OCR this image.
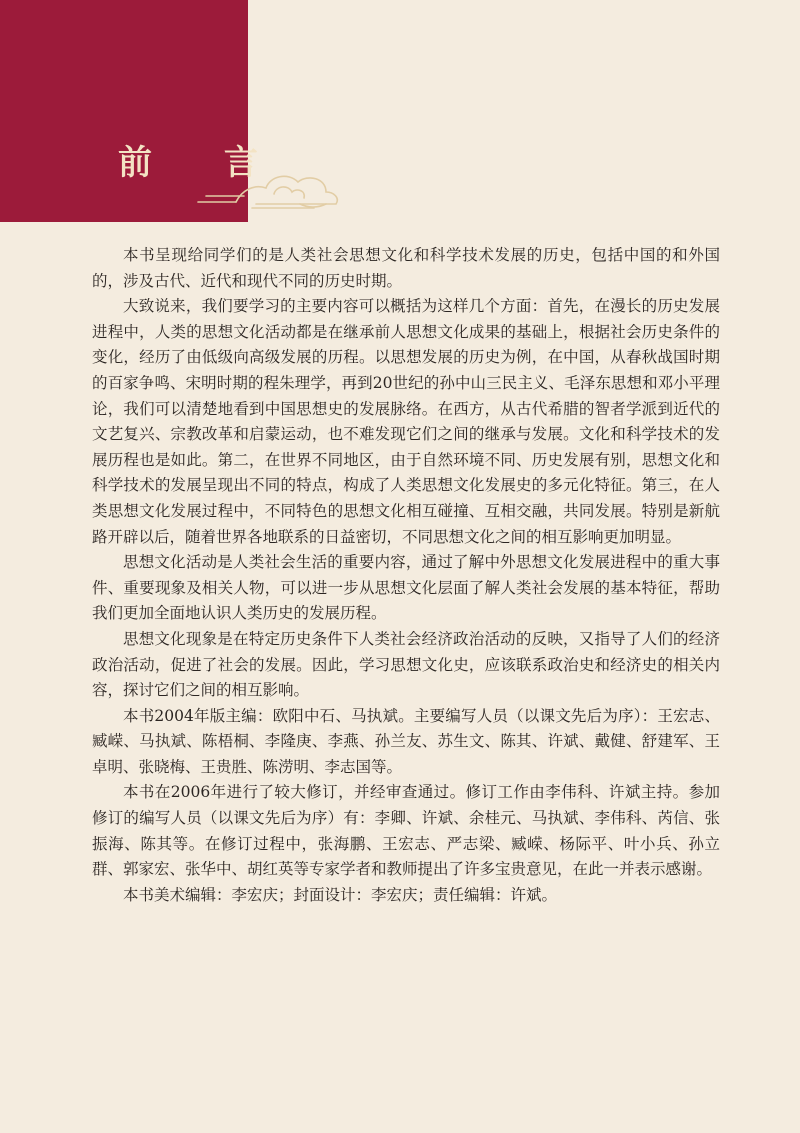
前 言

本书呈现给同学们的是人类社会思想文化和科学技术发展的历史，包括中国的和外国的，涉及古代、近代和现代不同的历史时期。

大致说来，我们要学习的主要内容可以概括为这样几个方面：首先，在漫长的历史发展进程中，人类的思想文化活动都是在继承前人思想文化成果的基础上，根据社会历史条件的变化，经历了由低级向高级发展的历程。以思想发展的历史为例，在中国，从春秋战国时期的百家争鸣、宋明时期的程朱理学，再到20世纪的孙中山三民主义、毛泽东思想和邓小平理论，我们可以清楚地看到中国思想史的发展脉络。在西方，从古代希腊的智者学派到近代的文艺复兴、宗教改革和启蒙运动，也不难发现它们之间的继承与发展。文化和科学技术的发展历程也是如此。第二，在世界不同地区，由于自然环境不同、历史发展有别，思想文化和科学技术的发展呈现出不同的特点，构成了人类思想文化发展史的多元化特征。第三，在人类思想文化发展过程中，不同特色的思想文化相互碰撞、互相交融，共同发展。特别是新航路开辟以后，随着世界各地联系的日益密切，不同思想文化之间的相互影响更加明显。

思想文化活动是人类社会生活的重要内容，通过了解中外思想文化发展进程中的重大事件、重要现象及相关人物，可以进一步从思想文化层面了解人类社会发展的基本特征，帮助我们更加全面地认识人类历史的发展历程。

思想文化现象是在特定历史条件下人类社会经济政治活动的反映，又指导了人们的经济政治活动，促进了社会的发展。因此，学习思想文化史，应该联系政治史和经济史的相关内容，探讨它们之间的相互影响。

本书2004年版主编：欧阳中石、马执斌。主要编写人员（以课文先后为序）：王宏志、臧嵘、马执斌、陈梧桐、李隆庚、李燕、孙兰友、苏生文、陈其、许斌、戴健、舒建军、王卓明、张晓梅、王贵胜、陈涝明、李志国等。

本书在2006年进行了较大修订，并经审查通过。修订工作由李伟科、许斌主持。参加修订的编写人员（以课文先后为序）有：李卿、许斌、余桂元、马执斌、李伟科、芮信、张振海、陈其等。在修订过程中，张海鹏、王宏志、严志梁、臧嵘、杨际平、叶小兵、孙立群、郭家宏、张华中、胡红英等专家学者和教师提出了许多宝贵意见，在此一并表示感谢。

本书美术编辑：李宏庆；封面设计：李宏庆；责任编辑：许斌。
